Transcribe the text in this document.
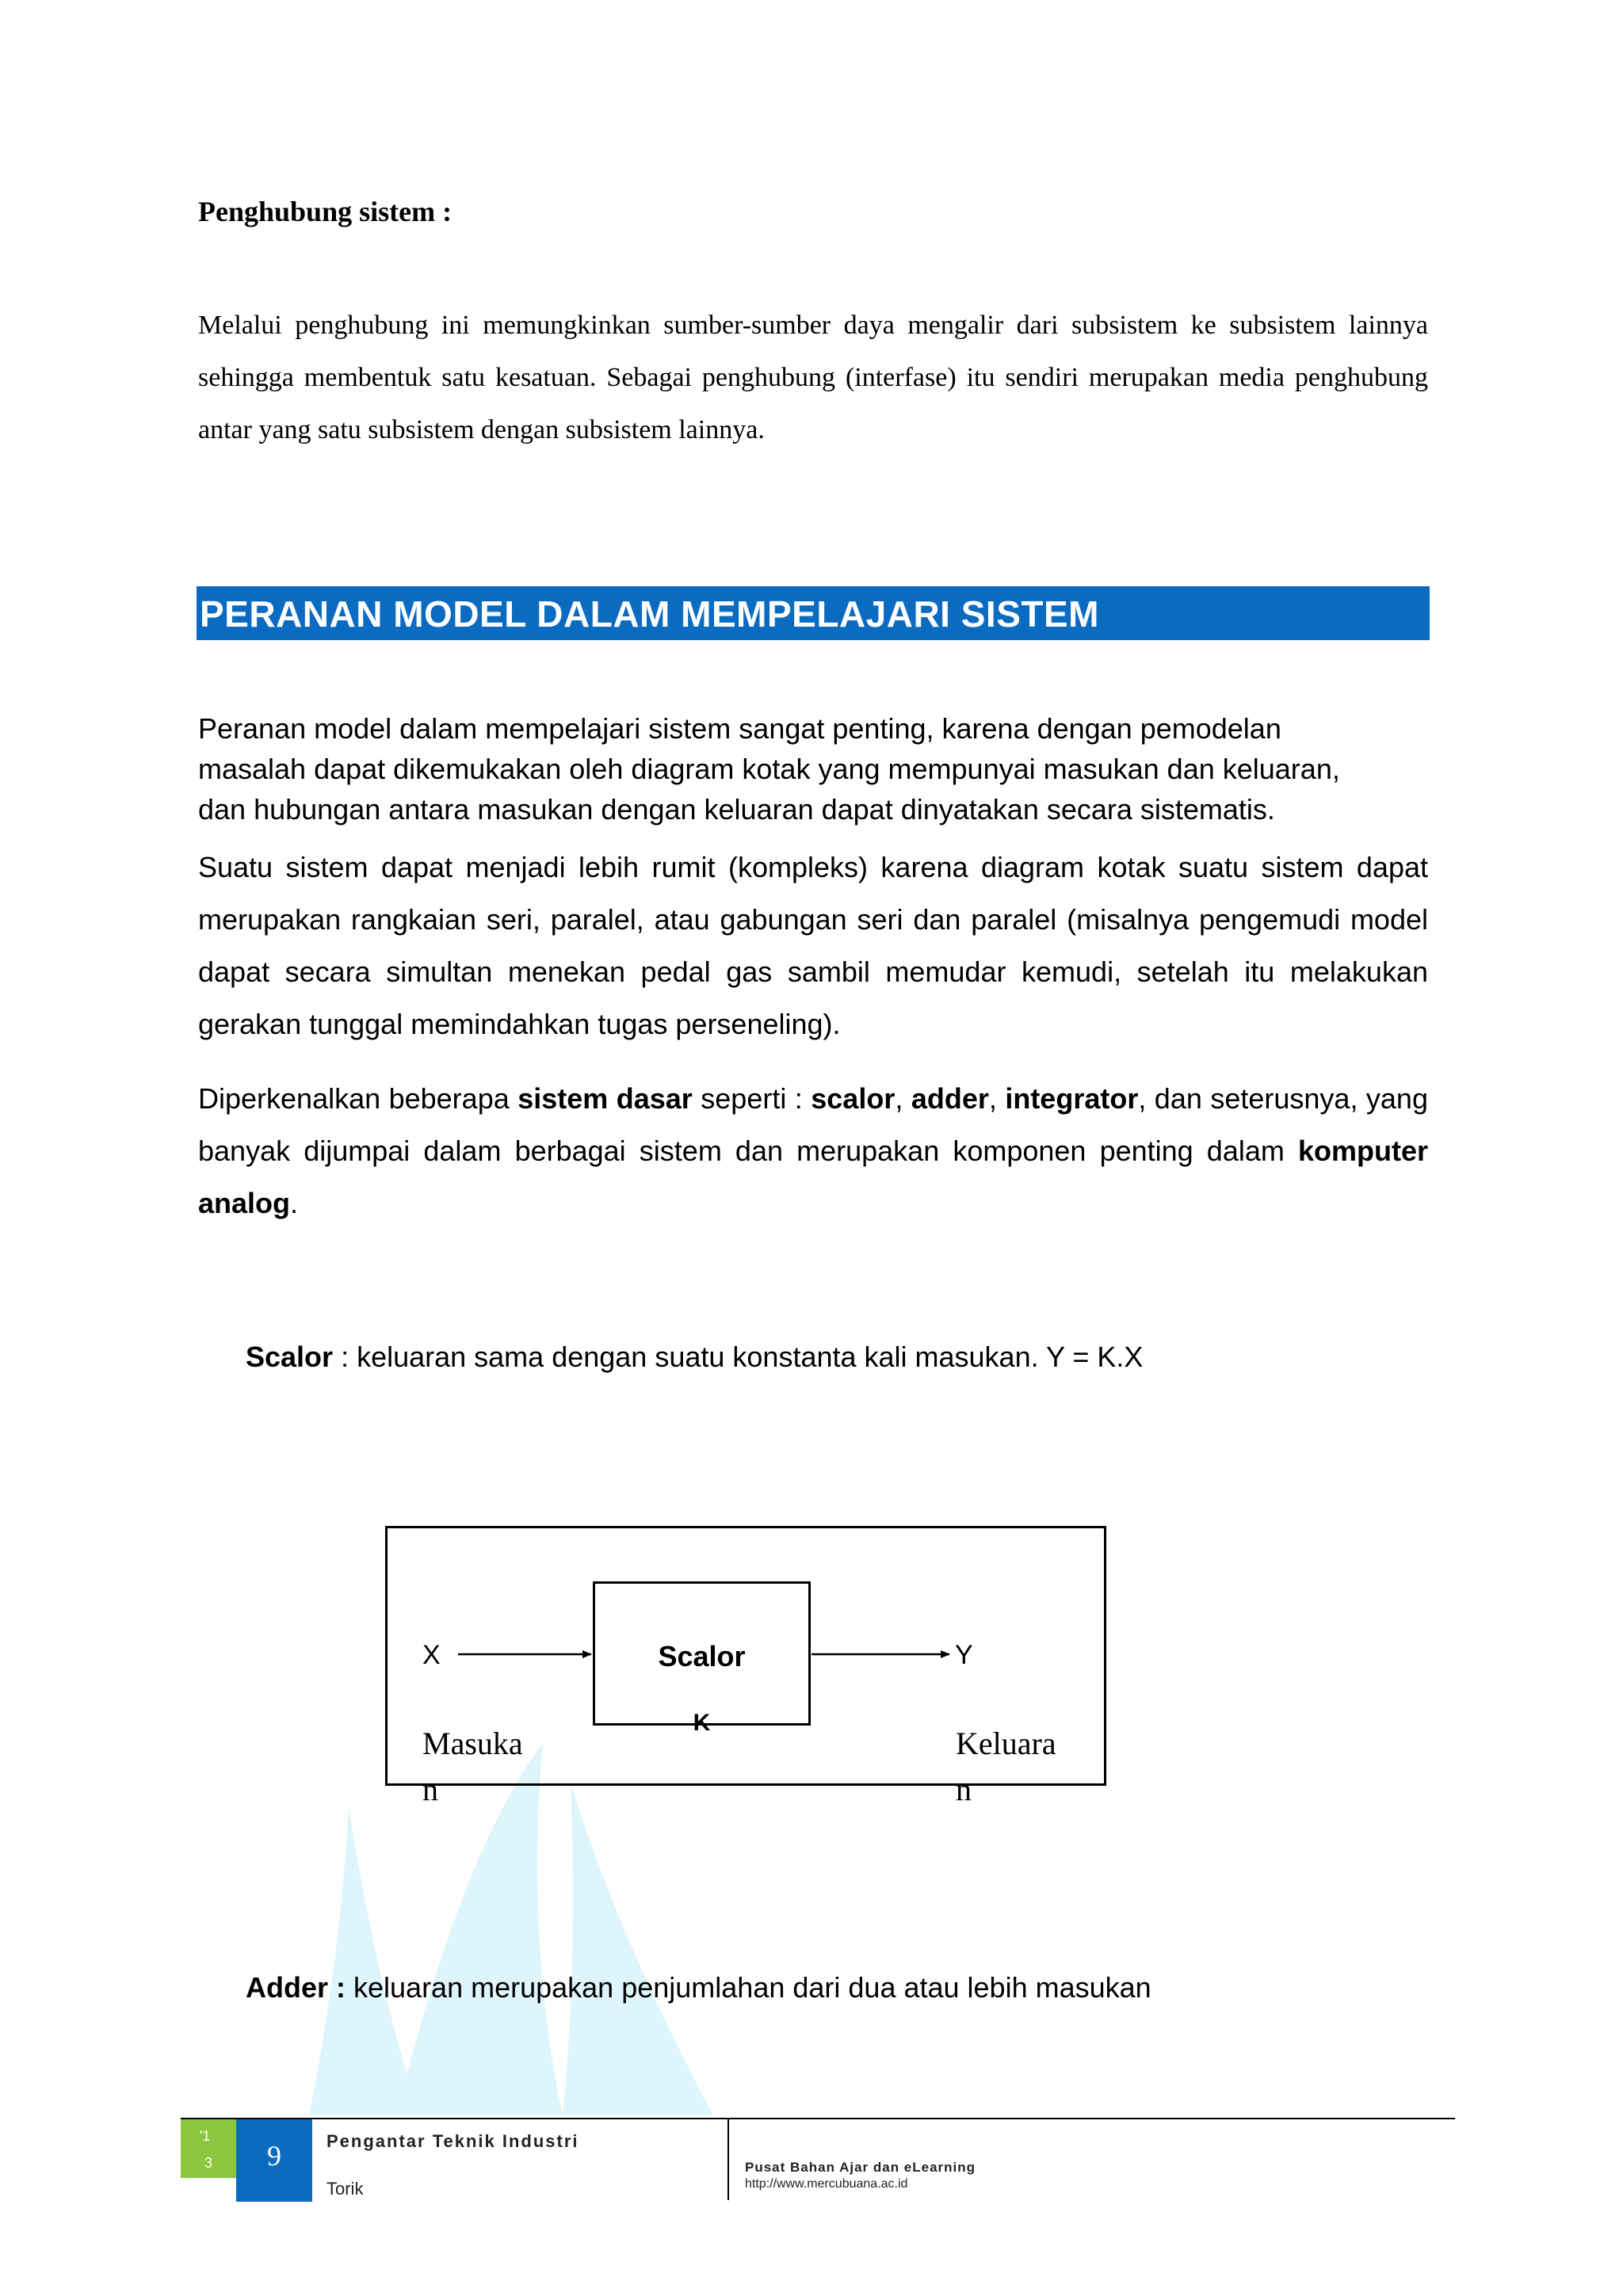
Penghubung sistem :
Melalui penghubung ini memungkinkan sumber-sumber daya mengalir dari subsistem ke subsistem lainnya sehingga membentuk satu kesatuan. Sebagai penghubung (interfase) itu sendiri merupakan media penghubung antar yang satu subsistem dengan subsistem lainnya.
PERANAN MODEL DALAM MEMPELAJARI SISTEM
Peranan model dalam mempelajari sistem sangat penting, karena dengan pemodelan
masalah dapat dikemukakan oleh diagram kotak yang mempunyai masukan dan keluaran,
dan hubungan antara masukan dengan keluaran dapat dinyatakan secara sistematis.
Suatu sistem dapat menjadi lebih rumit (kompleks) karena diagram kotak suatu sistem dapat merupakan rangkaian seri, paralel, atau gabungan seri dan paralel (misalnya pengemudi model dapat secara simultan menekan pedal gas sambil memudar kemudi, setelah itu melakukan gerakan tunggal memindahkan tugas perseneling).
Diperkenalkan beberapa sistem dasar seperti : scalor, adder, integrator, dan seterusnya, yang banyak dijumpai dalam berbagai sistem dan merupakan komponen penting dalam komputer analog.
Scalor : keluaran sama dengan suatu konstanta kali masukan. Y = K.X
Scalor
K
X	Y
Masuka n
Keluara n
Adder : keluaran merupakan penjumlahan dari dua atau lebih masukan
'1
3	9	Pengantar Teknik Industri
Torik
Pusat Bahan Ajar dan eLearning
http://www.mercubuana.ac.id
